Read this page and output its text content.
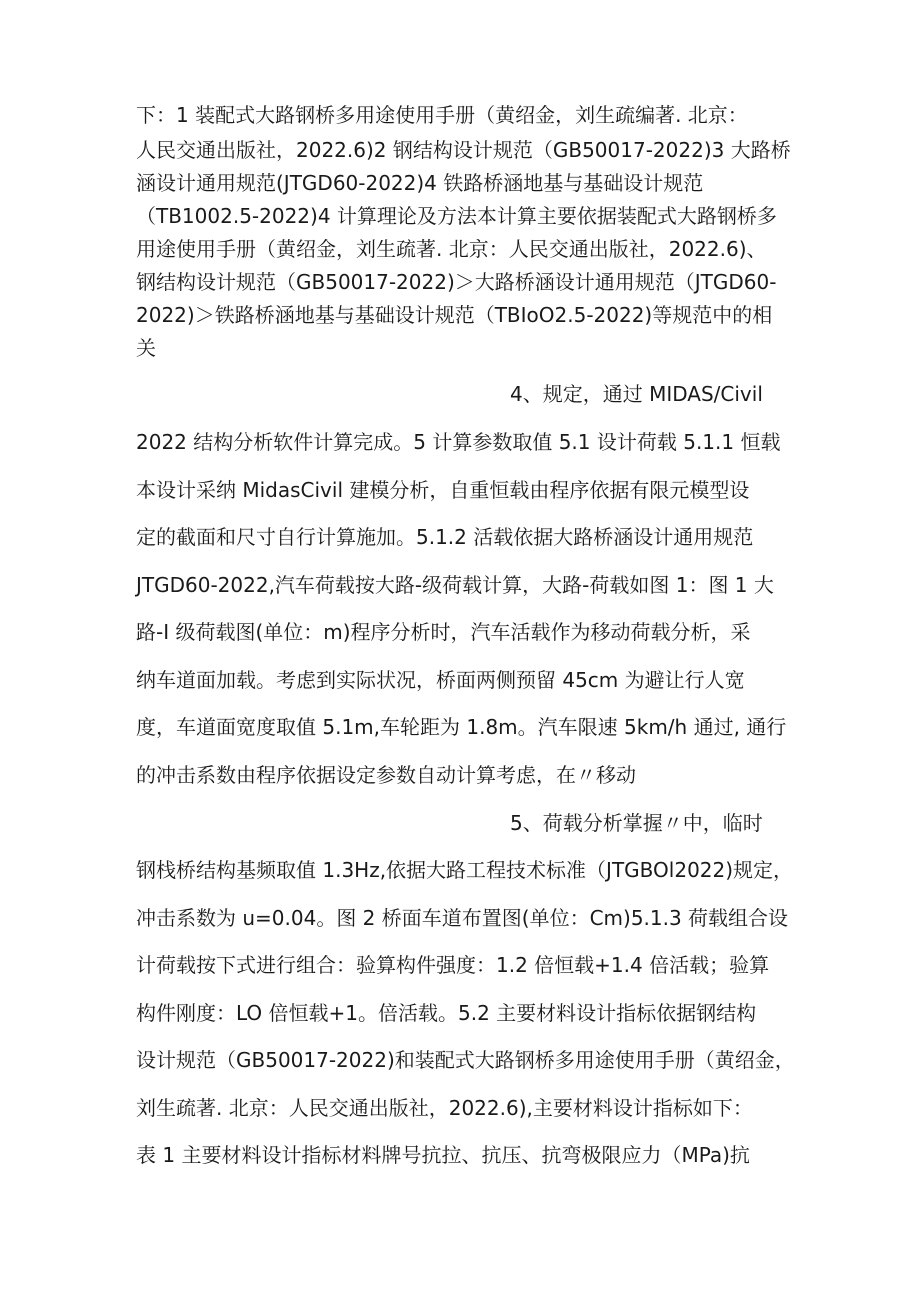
下：1 装配式大路钢桥多用途使用手册（黄绍金，刘生疏编著. 北京：
人民交通出版社，2022.6)2 钢结构设计规范（GB50017-2022)3 大路桥
涵设计通用规范(JTGD60-2022)4 铁路桥涵地基与基础设计规范
（TB1002.5-2022)4 计算理论及方法本计算主要依据装配式大路钢桥多
用途使用手册（黄绍金，刘生疏著. 北京：人民交通出版社，2022.6)、
钢结构设计规范（GB50017-2022)＞大路桥涵设计通用规范（JTGD60-
2022)＞铁路桥涵地基与基础设计规范（TBIoO2.5-2022)等规范中的相
关
4、规定，通过 MIDAS/Civil
2022 结构分析软件计算完成。5 计算参数取值 5.1 设计荷载 5.1.1 恒载
本设计采纳 MidasCivil 建模分析，自重恒载由程序依据有限元模型设
定的截面和尺寸自行计算施加。5.1.2 活载依据大路桥涵设计通用规范
JTGD60-2022,汽车荷载按大路-级荷载计算，大路-荷载如图 1：图 1 大
路-I 级荷载图(单位：m)程序分析时，汽车活载作为移动荷载分析，采
纳车道面加载。考虑到实际状况，桥面两侧预留 45cm 为避让行人宽
度，车道面宽度取值 5.1m,车轮距为 1.8m。汽车限速 5km/h 通过, 通行
的冲击系数由程序依据设定参数自动计算考虑，在〃移动
5、荷载分析掌握〃中，临时
钢栈桥结构基频取值 1.3Hz,依据大路工程技术标准（JTGBOl2022)规定，
冲击系数为 u=0.04。图 2 桥面车道布置图(单位：Cm)5.1.3 荷载组合设
计荷载按下式进行组合：验算构件强度：1.2 倍恒载+1.4 倍活载；验算
构件刚度：LO 倍恒载+1。倍活载。5.2 主要材料设计指标依据钢结构
设计规范（GB50017-2022)和装配式大路钢桥多用途使用手册（黄绍金，
刘生疏著. 北京：人民交通出版社，2022.6),主要材料设计指标如下：
表 1 主要材料设计指标材料牌号抗拉、抗压、抗弯极限应力（MPa)抗
